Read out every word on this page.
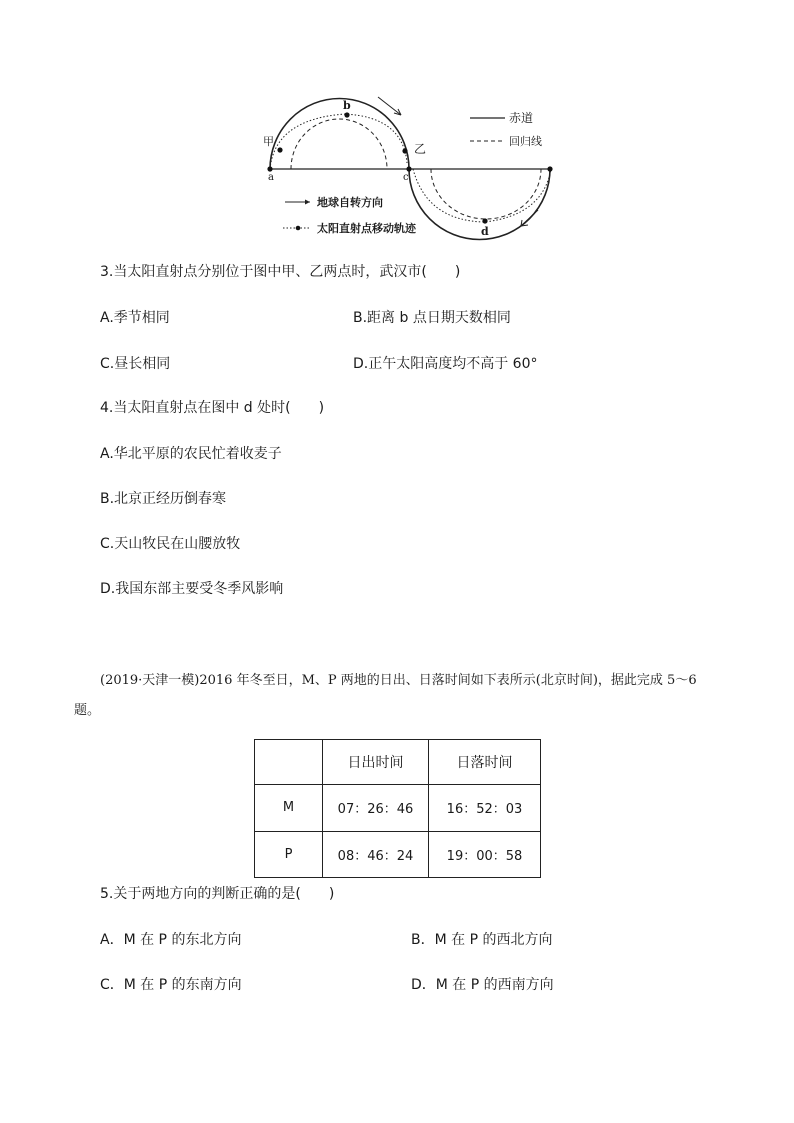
甲
a
b
乙
c
d
赤道
回归线
地球自转方向
太阳直射点移动轨迹
3.当太阳直射点分别位于图中甲、乙两点时，武汉市(　　)
A.季节相同	B.距离 b 点日期天数相同
C.昼长相同	D.正午太阳高度均不高于 60°
4.当太阳直射点在图中 d 处时(　　)
A.华北平原的农民忙着收麦子
B.北京正经历倒春寒
C.天山牧民在山腰放牧
D.我国东部主要受冬季风影响
(2019·天津一模)2016 年冬至日，M、P 两地的日出、日落时间如下表所示(北京时间)，据此完成 5～6
题。
	日出时间	日落时间
M	07：26：46	16：52：03
P	08：46：24	19：00：58
5.关于两地方向的判断正确的是(　　)
A．M 在 P 的东北方向	B．M 在 P 的西北方向
C．M 在 P 的东南方向	D．M 在 P 的西南方向
